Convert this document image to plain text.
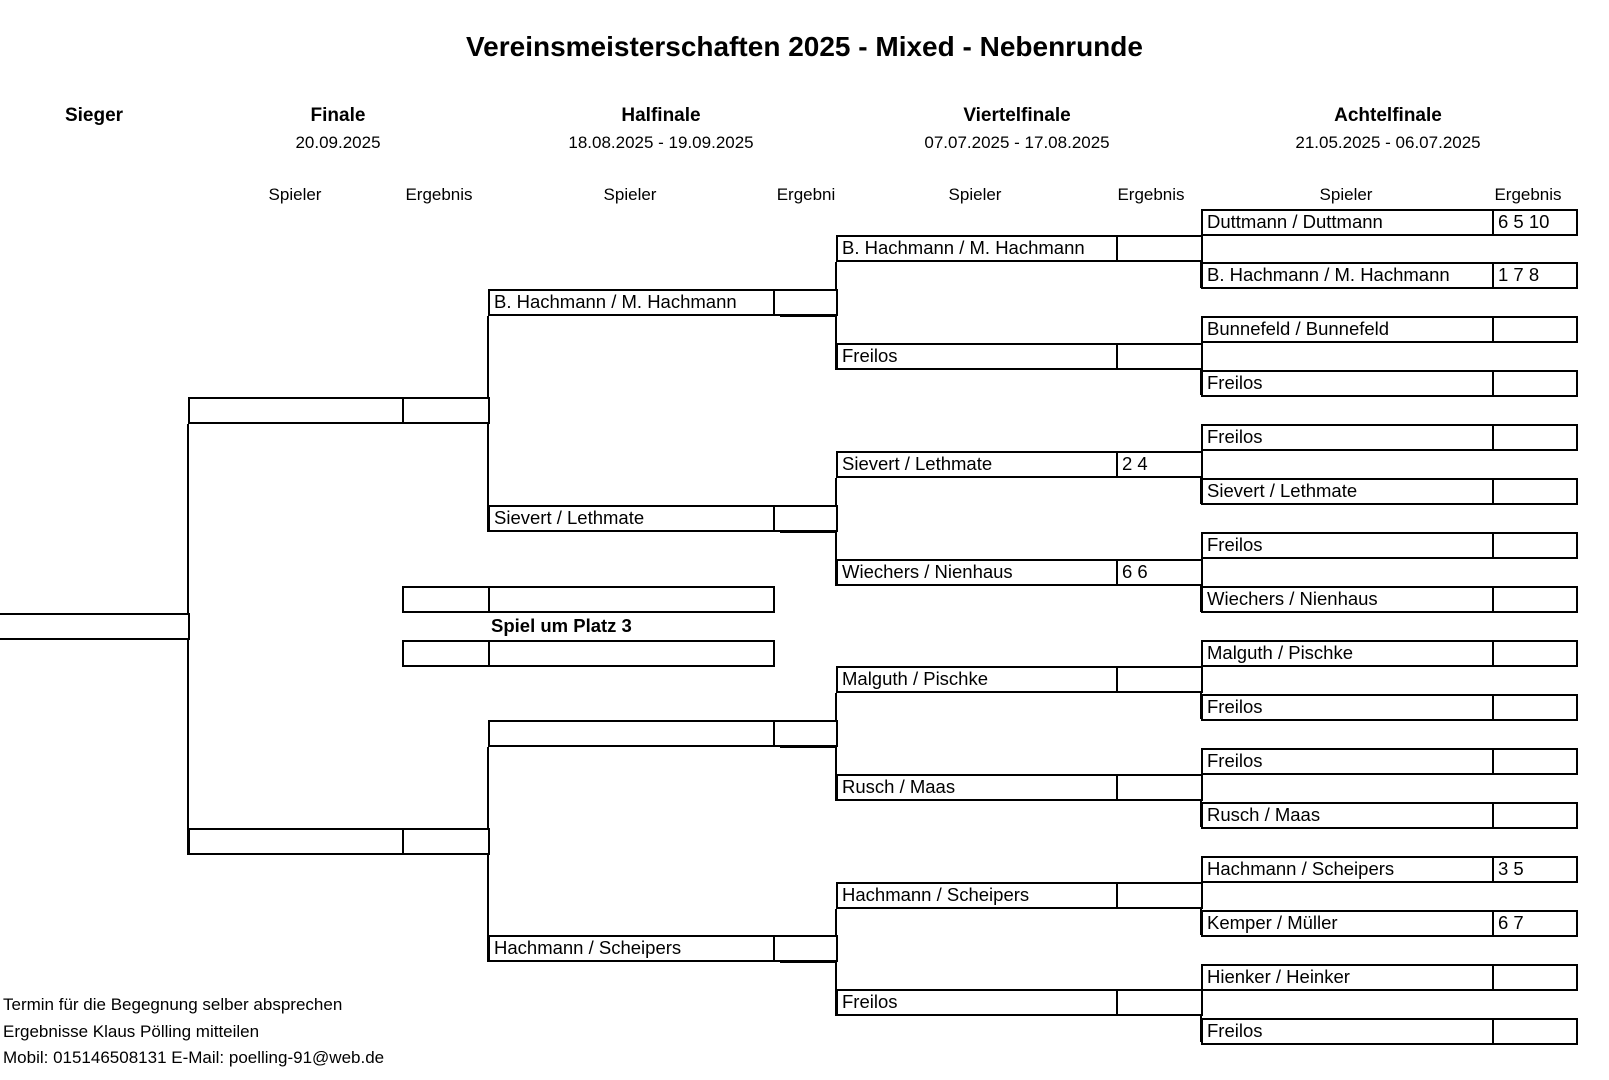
Vereinsmeisterschaften 2025 - Mixed - Nebenrunde
Sieger	Finale
20.09.2025
Halfinale
18.08.2025 - 19.09.2025
Viertelfinale
07.07.2025 - 17.08.2025
Achtelfinale
21.05.2025 - 06.07.2025
Spieler	Ergebnis	Spieler	Ergebni	Spieler	Ergebnis	Spieler	Ergebnis
Duttmann / Duttmann	6 5 10
B. Hachmann / M. Hachmann	1 7 8
Bunnefeld / Bunnefeld
Freilos
Freilos
Sievert / Lethmate
Freilos
Wiechers / Nienhaus
Malguth / Pischke
Freilos
Freilos
Rusch / Maas
Hachmann / Scheipers	3 5
Kemper / Müller	6 7
Hienker / Heinker
Freilos
B. Hachmann / M. Hachmann
Freilos
Sievert / Lethmate	2 4
Wiechers / Nienhaus	6 6
Malguth / Pischke
Rusch / Maas
Hachmann / Scheipers
Freilos
B. Hachmann / M. Hachmann
Sievert / Lethmate
Hachmann / Scheipers
Spiel um Platz 3
Termin für die Begegnung selber absprechen
Ergebnisse Klaus Pölling mitteilen
Mobil: 015146508131 E-Mail: poelling-91@web.de
